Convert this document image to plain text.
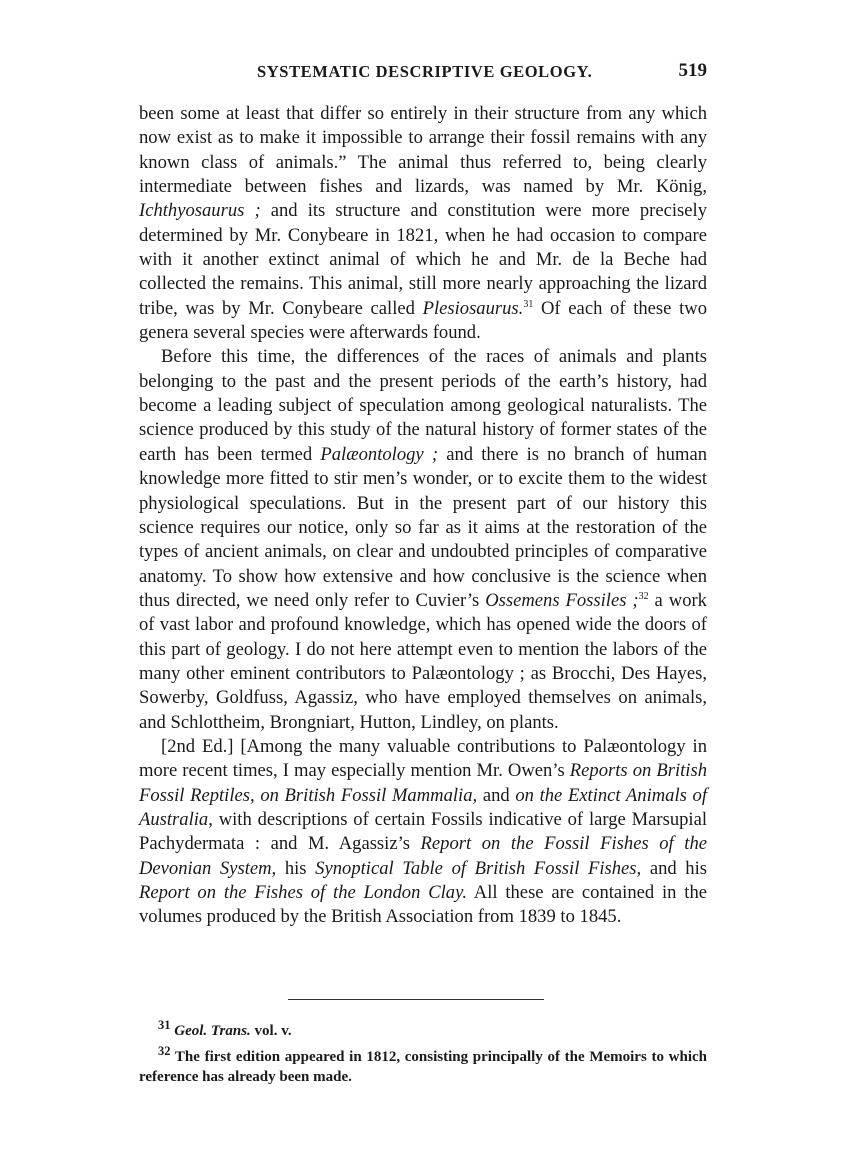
SYSTEMATIC DESCRIPTIVE GEOLOGY.	519

been some at least that differ so entirely in their structure from any which now exist as to make it impossible to arrange their fossil remains with any known class of animals.” The animal thus referred to, being clearly intermediate between fishes and lizards, was named by Mr. König, Ichthyosaurus ; and its structure and constitution were more precisely determined by Mr. Conybeare in 1821, when he had occasion to compare with it another extinct animal of which he and Mr. de la Beche had collected the remains. This animal, still more nearly approaching the lizard tribe, was by Mr. Conybeare called Plesiosaurus.$^{31}$ Of each of these two genera several species were afterwards found.

Before this time, the differences of the races of animals and plants belonging to the past and the present periods of the earth’s history, had become a leading subject of speculation among geological naturalists. The science produced by this study of the natural history of former states of the earth has been termed Palæontology ; and there is no branch of human knowledge more fitted to stir men’s wonder, or to excite them to the widest physiological speculations. But in the present part of our history this science requires our notice, only so far as it aims at the restoration of the types of ancient animals, on clear and undoubted principles of comparative anatomy. To show how extensive and how conclusive is the science when thus directed, we need only refer to Cuvier’s Ossemens Fossiles ;$^{32}$ a work of vast labor and profound knowledge, which has opened wide the doors of this part of geology. I do not here attempt even to mention the labors of the many other eminent contributors to Palæontology ; as Brocchi, Des Hayes, Sowerby, Goldfuss, Agassiz, who have employed themselves on animals, and Schlottheim, Brongniart, Hutton, Lindley, on plants.

[2nd Ed.] [Among the many valuable contributions to Palæontology in more recent times, I may especially mention Mr. Owen’s Reports on British Fossil Reptiles, on British Fossil Mammalia, and on the Extinct Animals of Australia, with descriptions of certain Fossils indicative of large Marsupial Pachydermata : and M. Agassiz’s Report on the Fossil Fishes of the Devonian System, his Synoptical Table of British Fossil Fishes, and his Report on the Fishes of the London Clay. All these are contained in the volumes produced by the British Association from 1839 to 1845.

$^{31}$ Geol. Trans. vol. v.

$^{32}$ The first edition appeared in 1812, consisting principally of the Memoirs to which reference has already been made.
